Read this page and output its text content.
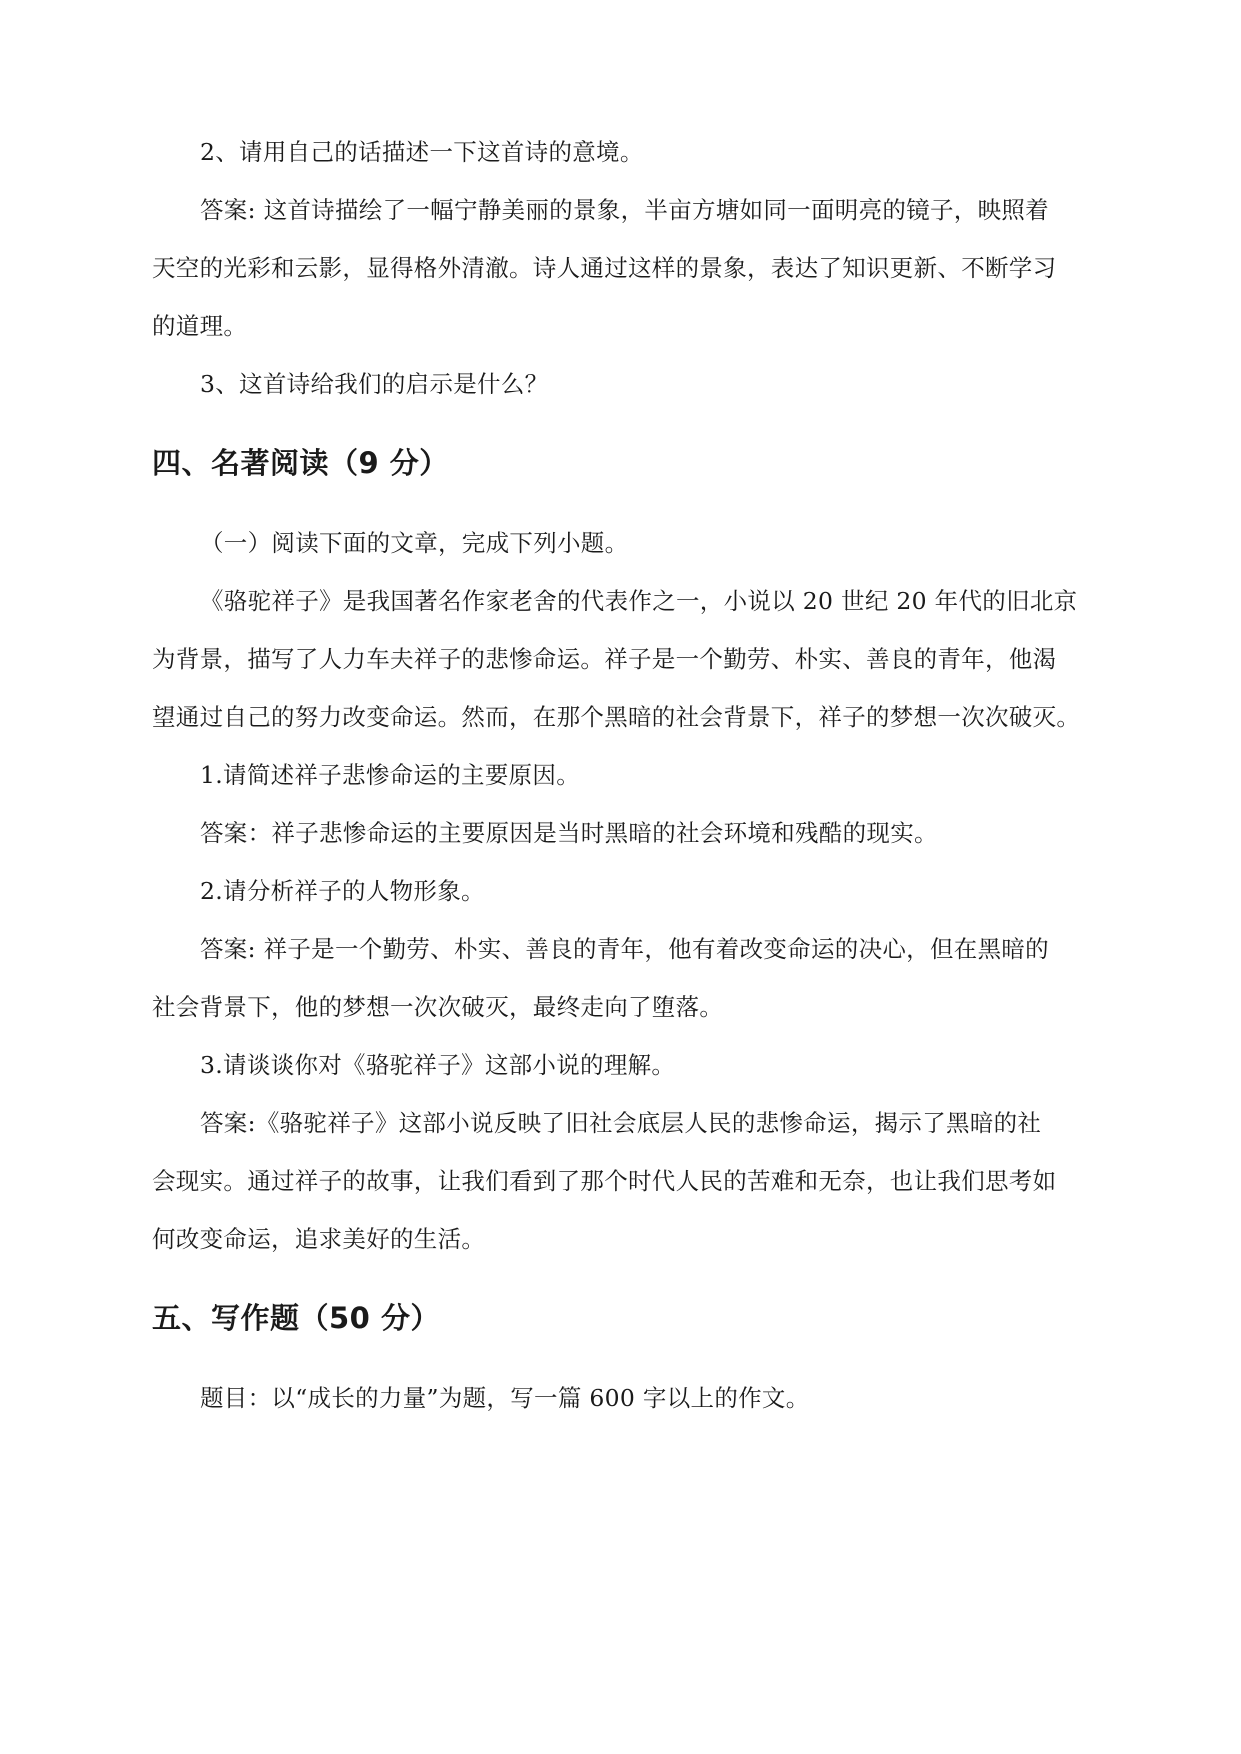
2、请用自己的话描述一下这首诗的意境。
答案: 这首诗描绘了一幅宁静美丽的景象，半亩方塘如同一面明亮的镜子，映照着
天空的光彩和云影，显得格外清澈。诗人通过这样的景象，表达了知识更新、不断学习
的道理。
3、这首诗给我们的启示是什么？
四、名著阅读（9 分）
（一）阅读下面的文章，完成下列小题。
《骆驼祥子》是我国著名作家老舍的代表作之一，小说以 20 世纪 20 年代的旧北京
为背景，描写了人力车夫祥子的悲惨命运。祥子是一个勤劳、朴实、善良的青年，他渴
望通过自己的努力改变命运。然而，在那个黑暗的社会背景下，祥子的梦想一次次破灭。
1.请简述祥子悲惨命运的主要原因。
答案：祥子悲惨命运的主要原因是当时黑暗的社会环境和残酷的现实。
2.请分析祥子的人物形象。
答案: 祥子是一个勤劳、朴实、善良的青年，他有着改变命运的决心，但在黑暗的
社会背景下，他的梦想一次次破灭，最终走向了堕落。
3.请谈谈你对《骆驼祥子》这部小说的理解。
答案:《骆驼祥子》这部小说反映了旧社会底层人民的悲惨命运，揭示了黑暗的社
会现实。通过祥子的故事，让我们看到了那个时代人民的苦难和无奈，也让我们思考如
何改变命运，追求美好的生活。
五、写作题（50 分）
题目：以“成长的力量”为题，写一篇 600 字以上的作文。
